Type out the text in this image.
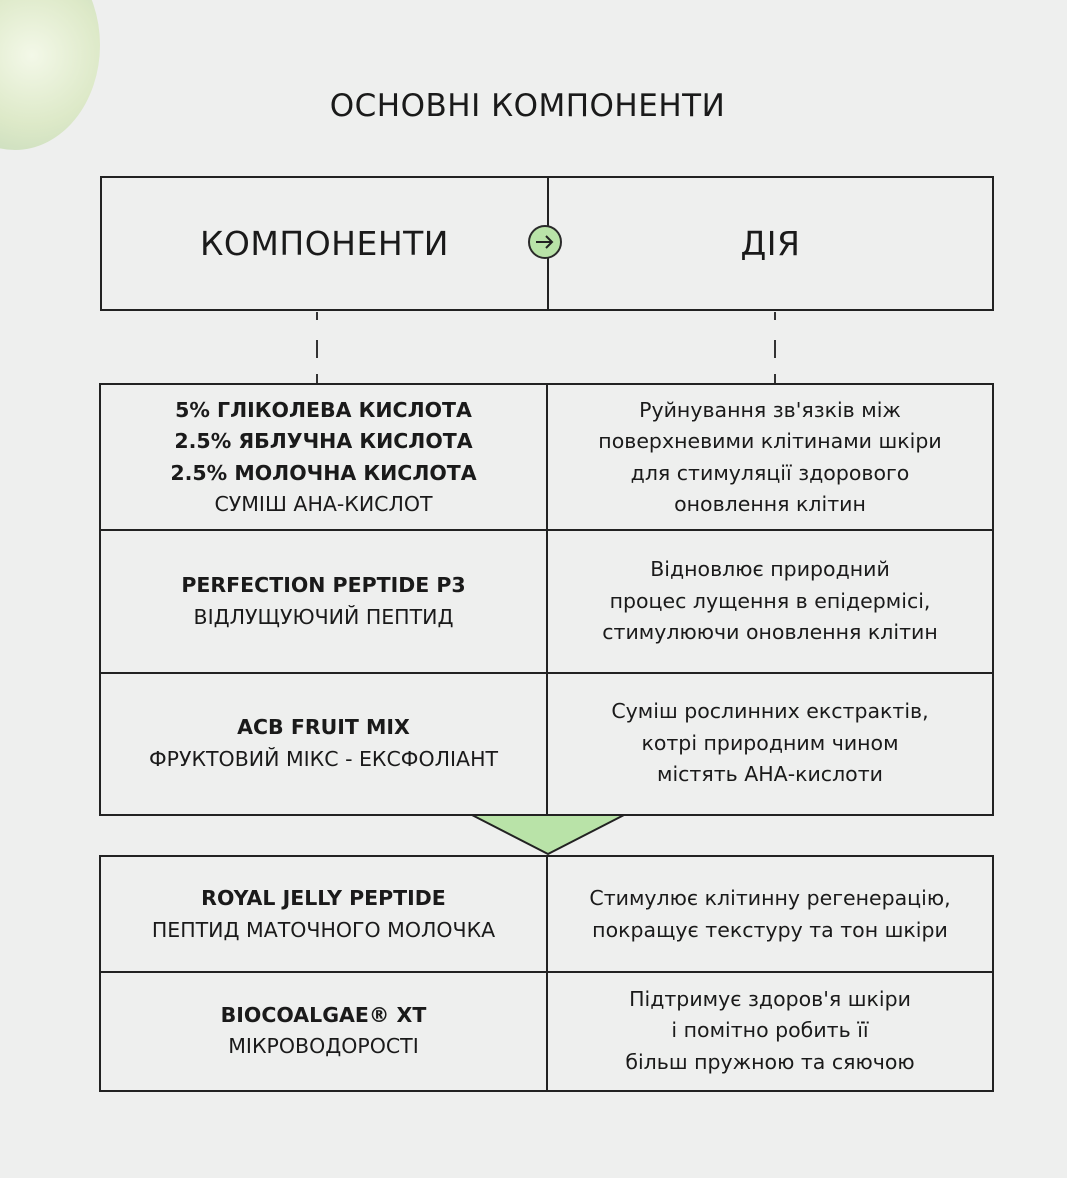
ОСНОВНІ КОМПОНЕНТИ
КОМПОНЕНТИ	ДІЯ
5% ГЛІКОЛЕВА КИСЛОТА
2.5% ЯБЛУЧНА КИСЛОТА
2.5% МОЛОЧНА КИСЛОТА
СУМІШ АНА-КИСЛОТ
Руйнування зв'язків між
поверхневими клітинами шкіри
для стимуляції здорового
оновлення клітин
PERFECTION PEPTIDE P3
ВІДЛУЩУЮЧИЙ ПЕПТИД
Відновлює природний
процес лущення в епідермісі,
стимулюючи оновлення клітин
ACB FRUIT MIX
ФРУКТОВИЙ МІКС - ЕКСФОЛІАНТ
Суміш рослинних екстрактів,
котрі природним чином
містять АНА-кислоти
ROYAL JELLY PEPTIDE
ПЕПТИД МАТОЧНОГО МОЛОЧКА
Стимулює клітинну регенерацію,
покращує текстуру та тон шкіри
BIOCOALGAE® XT
МІКРОВОДОРОСТІ
Підтримує здоров'я шкіри
і помітно робить її
більш пружною та сяючою
